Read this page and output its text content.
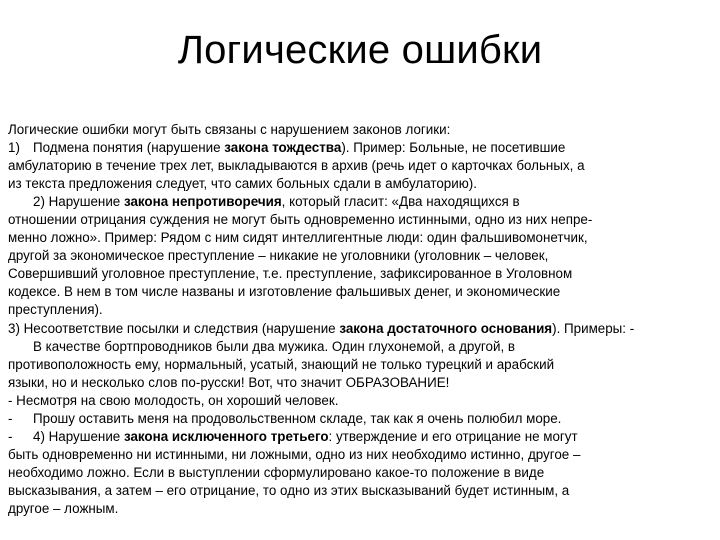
Логические ошибки
Логические ошибки могут быть связаны с нарушением законов логики:
1) Подмена понятия (нарушение закона тождества). Пример: Больные, не посетившие
амбулаторию в течение трех лет, выкладываются в архив (речь идет о карточках больных, а
из текста предложения следует, что самих больных сдали в амбулаторию).
2) Нарушение закона непротиворечия, который гласит: «Два находящихся в
отношении отрицания суждения не могут быть одновременно истинными, одно из них непре-
менно ложно». Пример: Рядом с ним сидят интеллигентные люди: один фальшивомонетчик,
другой за экономическое преступление – никакие не уголовники (уголовник – человек,
Совершивший уголовное преступление, т.е. преступление, зафиксированное в Уголовном
кодексе. В нем в том числе названы и изготовление фальшивых денег, и экономические
преступления).
3) Несоответствие посылки и следствия (нарушение закона достаточного основания). Примеры: -
В качестве бортпроводников были два мужика. Один глухонемой, а другой, в
противоположность ему, нормальный, усатый, знающий не только турецкий и арабский
языки, но и несколько слов по-русски! Вот, что значит ОБРАЗОВАНИЕ!
- Несмотря на свою молодость, он хороший человек.
- Прошу оставить меня на продовольственном складе, так как я очень полюбил море.
- 4) Нарушение закона исключенного третьего: утверждение и его отрицание не могут
быть одновременно ни истинными, ни ложными, одно из них необходимо истинно, другое –
необходимо ложно. Если в выступлении сформулировано какое-то положение в виде
высказывания, а затем – его отрицание, то одно из этих высказываний будет истинным, а
другое – ложным.
